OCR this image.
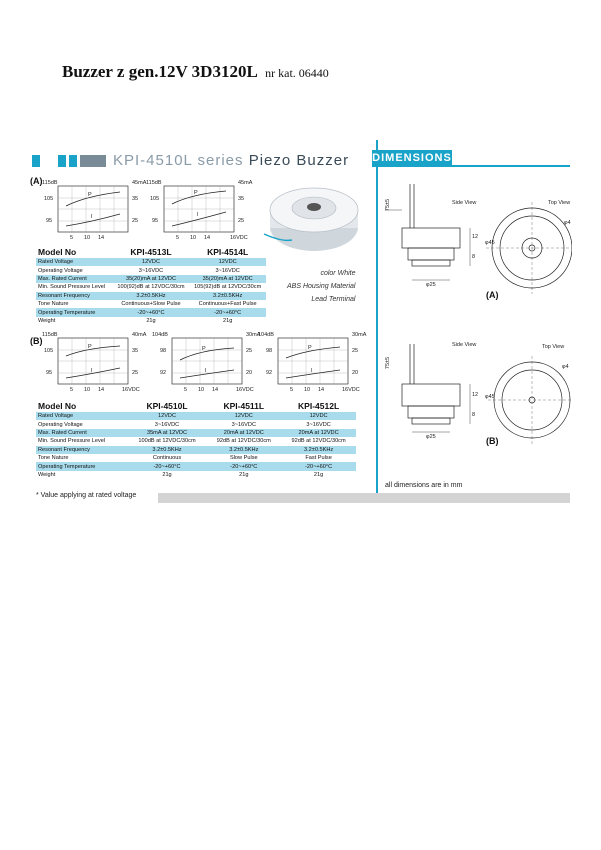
Buzzer z gen.12V 3D3120L nr kat. 06440
KPI-4510L series Piezo Buzzer DIMENSIONS
(A) 115dB	45mA
105
95
35
25
P
I
5 10 14
115dB	45mA
105
95
35
25
P
I
5 10 14	16VDC
color White
ABS Housing Material
Lead Terminal
Model No	KPI-4513L	KPI-4514L
Rated Voltage	12VDC	12VDC
Operating Voltage	3~16VDC	3~16VDC
Max. Rated Current	35(20)mA at 12VDC	35(20)mA at 12VDC
Min. Sound Pressure Level	100(92)dB at 12VDC/30cm	105(92)dB at 12VDC/30cm
Resonant Frequency	3.2±0.5KHz	3.2±0.5KHz
Tone Nature	Continuous+Slow Pulse	Continuous+Fast Pulse
Operating Temperature	-20~+60°C	-20~+60°C
Weight	21g	21g
(B)
115dB	40mA
105
95
35
25
P
I
5 10 14	16VDC
104dB	30mA
98
92
25
20
P
I
5 10 14	16VDC
104dB	30mA
98
92
25
20
P
I
5 10 14	16VDC
Model No	KPI-4510L	KPI-4511L	KPI-4512L
Rated Voltage	12VDC	12VDC	12VDC
Operating Voltage	3~16VDC	3~16VDC	3~16VDC
Max. Rated Current	35mA at 12VDC	20mA at 12VDC	20mA at 12VDC
Min. Sound Pressure Level	100dB at 12VDC/30cm	92dB at 12VDC/30cm	92dB at 12VDC/30cm
Resonant Frequency	3.2±0.5KHz	3.2±0.5KHz	3.2±0.5KHz
Tone Nature	Continuous	Slow Pulse	Fast Pulse
Operating Temperature	-20~+60°C	-20~+60°C	-20~+60°C
Weight	21g	21g	21g
Side View	Top View
75±5
12
8
φ45
φ25
φ4
(A)
Side View	Top View
75±5
12
8
φ45
φ25
φ4
(B)
all dimensions are in mm
* Value applying at rated voltage
